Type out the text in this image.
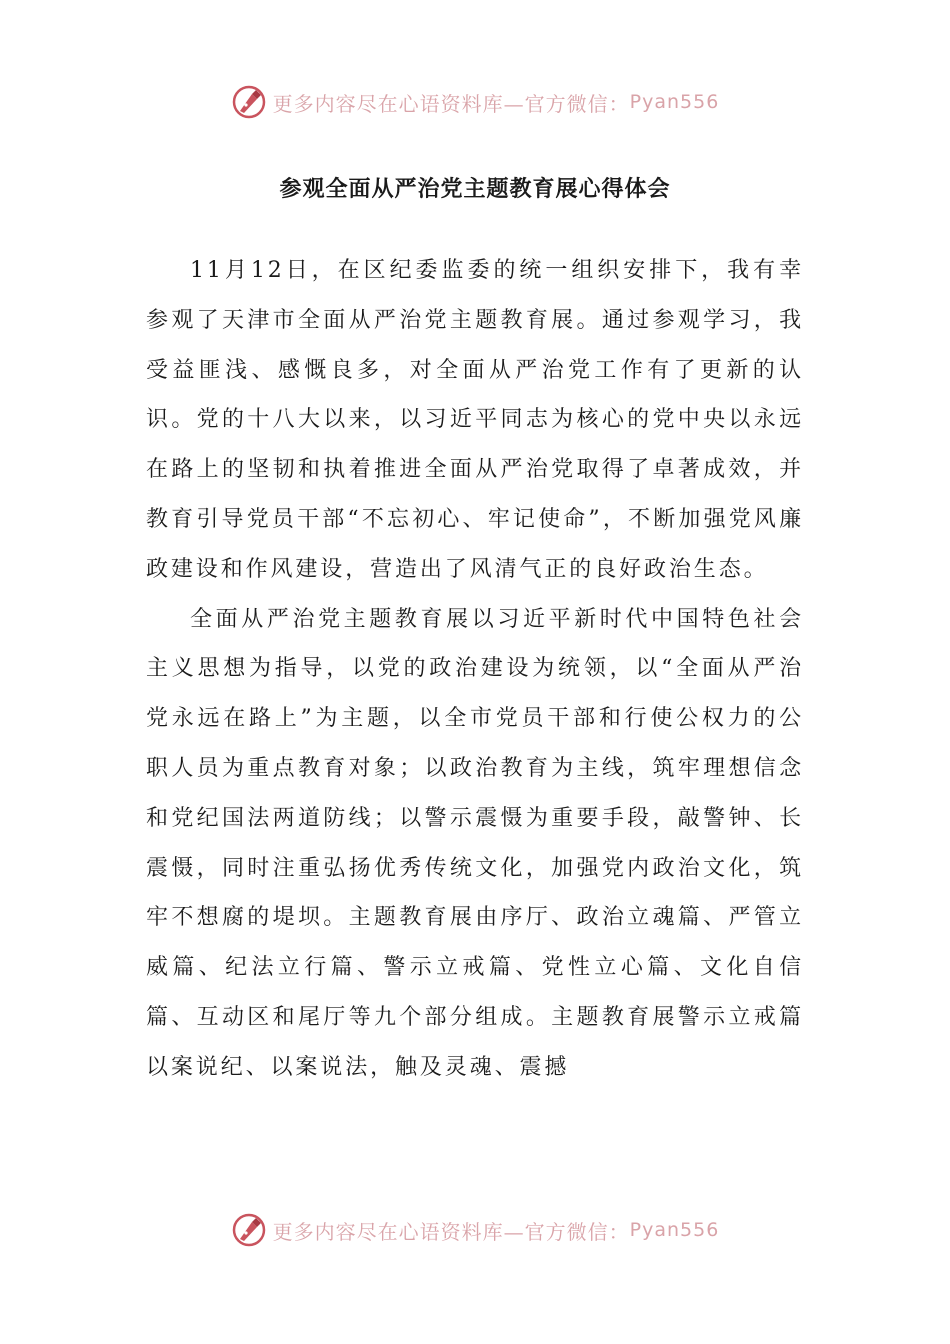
更多内容尽在心语资料库—官方微信： Pyan556
参观全面从严治党主题教育展心得体会

11月12日，在区纪委监委的统一组织安排下，我有幸参观了天津市全面从严治党主题教育展。通过参观学习，我受益匪浅、感慨良多，对全面从严治党工作有了更新的认识。党的十八大以来，以习近平同志为核心的党中央以永远在路上的坚韧和执着推进全面从严治党取得了卓著成效，并教育引导党员干部“不忘初心、牢记使命”，不断加强党风廉政建设和作风建设，营造出了风清气正的良好政治生态。

全面从严治党主题教育展以习近平新时代中国特色社会主义思想为指导，以党的政治建设为统领，以“全面从严治党永远在路上”为主题，以全市党员干部和行使公权力的公职人员为重点教育对象；以政治教育为主线，筑牢理想信念和党纪国法两道防线；以警示震慑为重要手段，敲警钟、长震慑，同时注重弘扬优秀传统文化，加强党内政治文化，筑牢不想腐的堤坝。主题教育展由序厅、政治立魂篇、严管立威篇、纪法立行篇、警示立戒篇、党性立心篇、文化自信篇、互动区和尾厅等九个部分组成。主题教育展警示立戒篇以案说纪、以案说法，触及灵魂、震撼

更多内容尽在心语资料库—官方微信： Pyan556
